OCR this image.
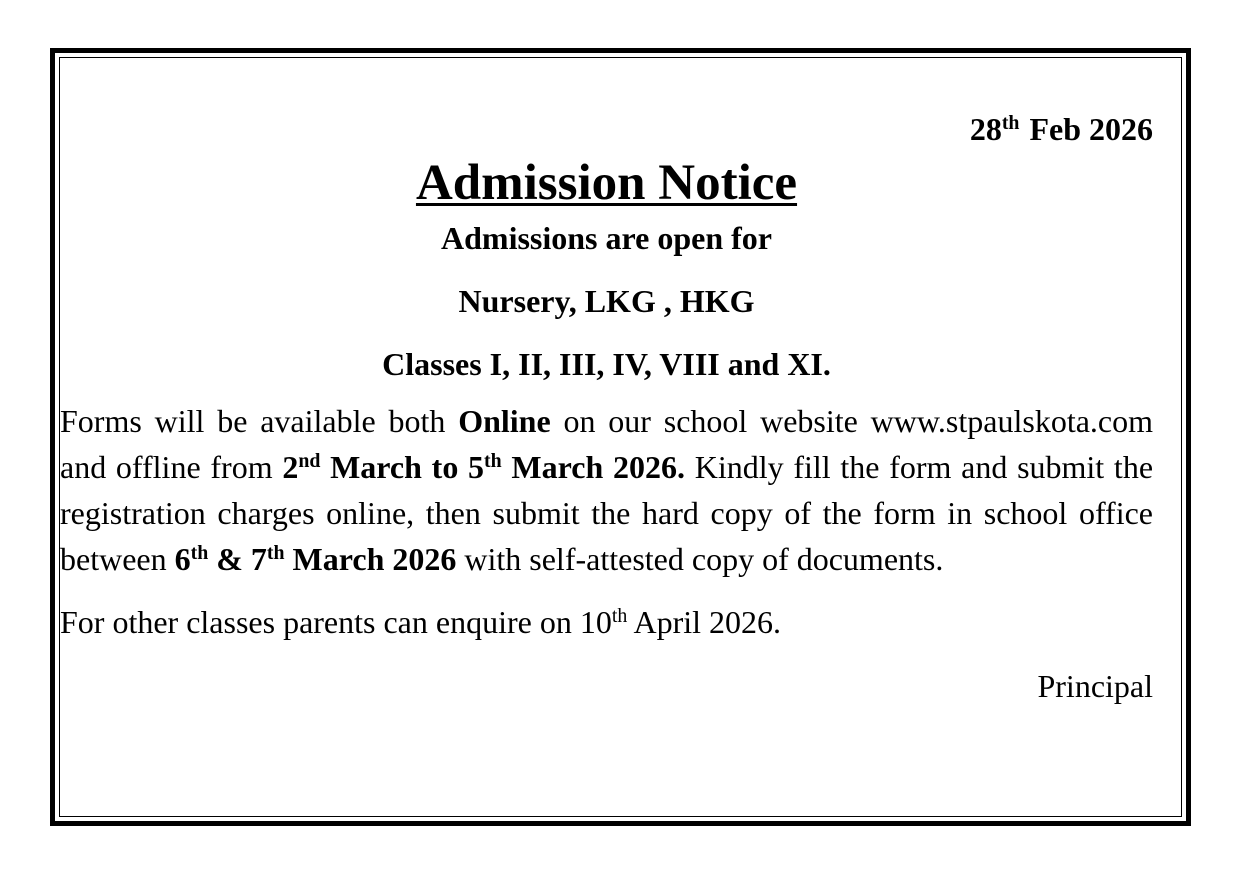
28th Feb 2026
Admission Notice
Admissions are open for
Nursery, LKG , HKG
Classes I, II, III, IV, VIII and XI.
Forms will be available both Online on our school website www.stpaulskota.com and offline from 2nd March to 5th March 2026. Kindly fill the form and submit the registration charges online, then submit the hard copy of the form in school office between 6th & 7th March 2026 with self-attested copy of documents.
For other classes parents can enquire on 10th April 2026.
Principal
